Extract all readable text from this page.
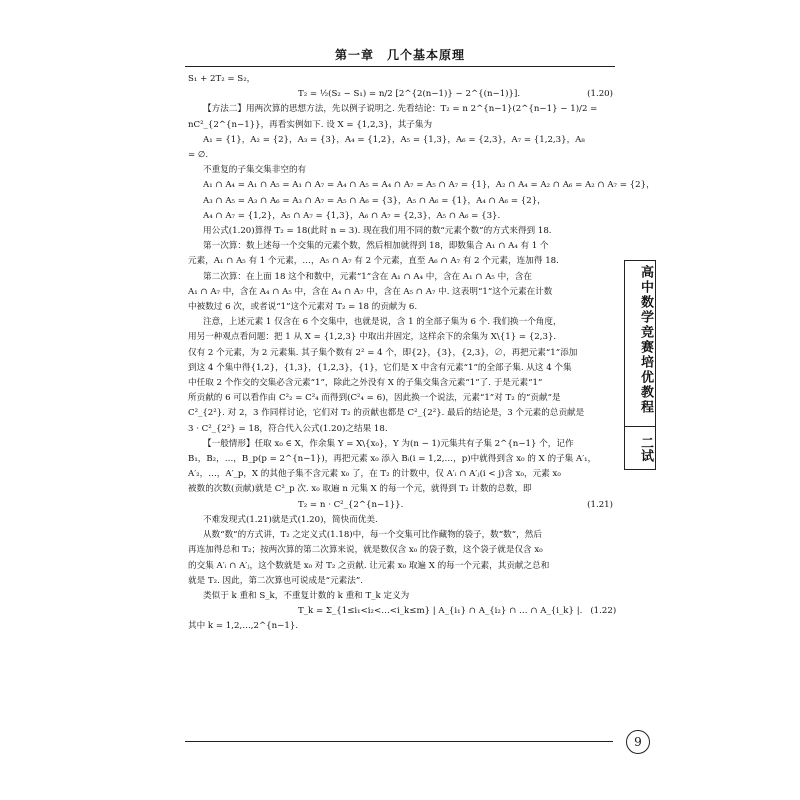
第一章　几个基本原理

S₁ + 2T₂ = S₂，

T₂ = ½(S₂ − S₁) = n/2 [2^{2(n−1)} − 2^{(n−1)}].	(1.20)

【方法二】用两次算的思想方法，先以例子说明之. 先看结论：T₂ = n 2^{n−1}(2^{n−1} − 1)/2 =

nC²_{2^{n−1}}，再看实例如下. 设 X = {1,2,3}，其子集为

A₁ = {1}，A₂ = {2}，A₃ = {3}，A₄ = {1,2}，A₅ = {1,3}，A₆ = {2,3}，A₇ = {1,2,3}，A₈

= ∅.

不重复的子集交集非空的有

A₁ ∩ A₄ = A₁ ∩ A₅ = A₁ ∩ A₇ = A₄ ∩ A₅ = A₄ ∩ A₇ = A₅ ∩ A₇ = {1}，A₂ ∩ A₄ = A₂ ∩ A₆ = A₂ ∩ A₇ = {2}，

A₃ ∩ A₅ = A₃ ∩ A₆ = A₃ ∩ A₇ = A₅ ∩ A₆ = {3}，A₅ ∩ A₆ = {1}，A₄ ∩ A₆ = {2}，

A₄ ∩ A₇ = {1,2}，A₅ ∩ A₇ = {1,3}，A₆ ∩ A₇ = {2,3}，A₅ ∩ A₆ = {3}.

用公式(1.20)算得 T₂ = 18(此时 n = 3). 现在我们用不同的数“元素个数”的方式来得到 18.

第一次算：数上述每一个交集的元素个数，然后相加就得到 18，即数集合 A₁ ∩ A₄ 有 1 个

元素，A₁ ∩ A₅ 有 1 个元素，…，A₅ ∩ A₇ 有 2 个元素，直至 A₆ ∩ A₇ 有 2 个元素，连加得 18.

第二次算：在上面 18 这个和数中，元素“1”含在 A₁ ∩ A₄ 中，含在 A₁ ∩ A₅ 中，含在

A₁ ∩ A₇ 中，含在 A₄ ∩ A₅ 中，含在 A₄ ∩ A₇ 中，含在 A₅ ∩ A₇ 中. 这表明“1”这个元素在计数

中被数过 6 次，或者说“1”这个元素对 T₂ = 18 的贡献为 6.

注意，上述元素 1 仅含在 6 个交集中，也就是说，含 1 的全部子集为 6 个. 我们换一个角度，

用另一种观点看问题：把 1 从 X = {1,2,3} 中取出并固定，这样余下的余集为 X\{1} = {2,3}.

仅有 2 个元素，为 2 元素集. 其子集个数有 2² = 4 个，即{2}，{3}，{2,3}，∅，再把元素“1”添加

到这 4 个集中得{1,2}，{1,3}，{1,2,3}，{1}，它们是 X 中含有元素“1”的全部子集. 从这 4 个集

中任取 2 个作交的交集必含元素“1”，除此之外没有 X 的子集交集含元素“1”了. 于是元素“1”

所贡献的 6 可以看作由 C²₂ = C²₄ 而得到(C²₄ = 6)，因此换一个说法，元素“1”对 T₂ 的“贡献”是

C²_{2²}. 对 2，3 作同样讨论，它们对 T₂ 的贡献也都是 C²_{2²}. 最后的结论是，3 个元素的总贡献是

3 · C²_{2²} = 18，符合代入公式(1.20)之结果 18.

【一般情形】任取 x₀ ∈ X，作余集 Y = X\{x₀}，Y 为(n − 1)元集共有子集 2^{n−1} 个，记作

B₁，B₂，…，B_p(p = 2^{n−1})，再把元素 x₀ 添入 Bᵢ(i = 1,2,…，p)中就得到含 x₀ 的 X 的子集 A′₁，

A′₂，…，A′_p，X 的其他子集不含元素 x₀ 了，在 T₂ 的计数中，仅 A′ᵢ ∩ A′ⱼ(i < j)含 x₀，元素 x₀

被数的次数(贡献)就是 C²_p 次. x₀ 取遍 n 元集 X 的每一个元，就得到 T₂ 计数的总数，即

T₂ = n · C²_{2^{n−1}}.	(1.21)

不难发现式(1.21)就是式(1.20)，简快而优美.

从数“数”的方式讲，T₂ 之定义式(1.18)中，每一个交集可比作藏物的袋子，数“数”，然后

再连加得总和 T₂；按两次算的第二次算来说，就是数仅含 x₀ 的袋子数，这个袋子就是仅含 x₀

的交集 A′ᵢ ∩ A′ⱼ，这个数就是 x₀ 对 T₂ 之贡献. 让元素 x₀ 取遍 X 的每一个元素，其贡献之总和

就是 T₂. 因此，第二次算也可说成是“元素法”.

类似于 k 重和 S_k，不重复计数的 k 重和 T_k 定义为

T_k = Σ_{1≤i₁<i₂<…<i_k≤m} | A_{i₁} ∩ A_{i₂} ∩ … ∩ A_{i_k} |. (1.22)

其中 k = 1,2,…,2^{n−1}.

高中数学竞赛培优教程
二试
9
